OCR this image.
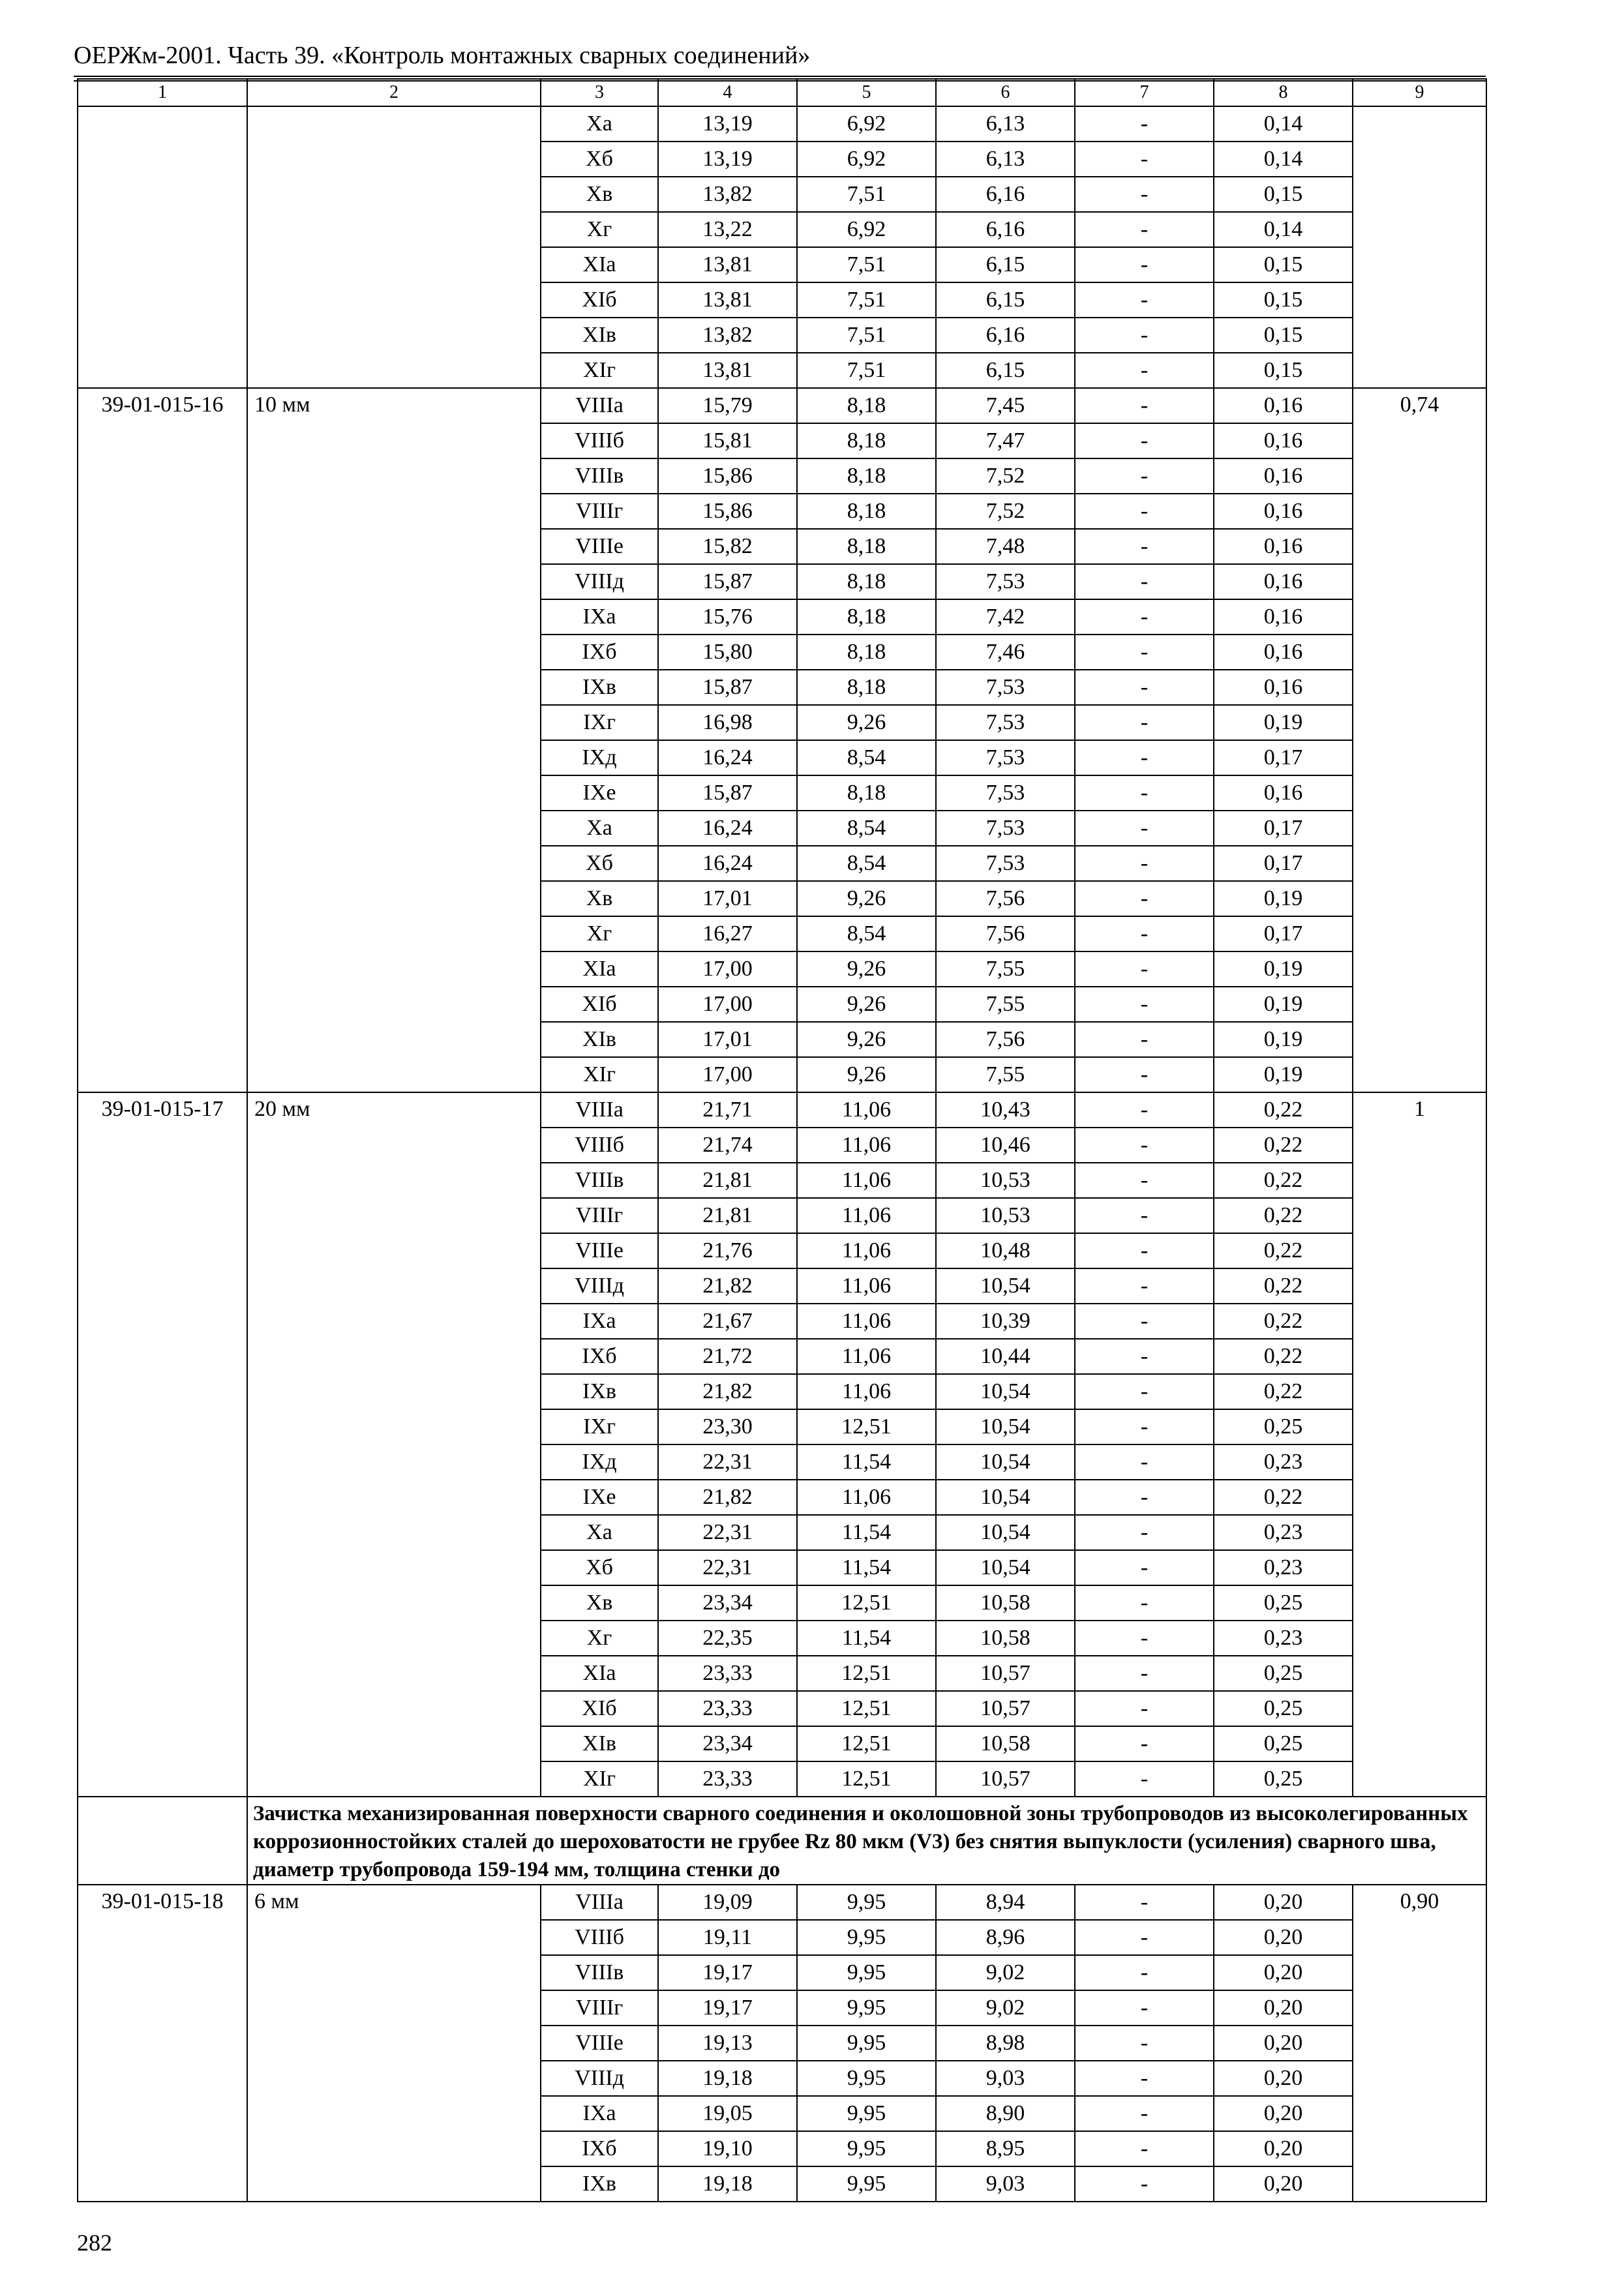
ОЕРЖм-2001. Часть 39. «Контроль монтажных сварных соединений»
1	2	3	4	5	6	7	8	9
		Xa	13,19	6,92	6,13	-	0,14	
		Xб	13,19	6,92	6,13	-	0,14	
		Xв	13,82	7,51	6,16	-	0,15	
		Xг	13,22	6,92	6,16	-	0,14	
		XIa	13,81	7,51	6,15	-	0,15	
		XIб	13,81	7,51	6,15	-	0,15	
		XIв	13,82	7,51	6,16	-	0,15	
		XIг	13,81	7,51	6,15	-	0,15	
39-01-015-16	10 мм	VIIIa	15,79	8,18	7,45	-	0,16	0,74
		VIIIб	15,81	8,18	7,47	-	0,16	
		VIIIв	15,86	8,18	7,52	-	0,16	
		VIIIг	15,86	8,18	7,52	-	0,16	
		VIIIe	15,82	8,18	7,48	-	0,16	
		VIIIд	15,87	8,18	7,53	-	0,16	
		IXa	15,76	8,18	7,42	-	0,16	
		IXб	15,80	8,18	7,46	-	0,16	
		IXв	15,87	8,18	7,53	-	0,16	
		IXг	16,98	9,26	7,53	-	0,19	
		IXд	16,24	8,54	7,53	-	0,17	
		IXe	15,87	8,18	7,53	-	0,16	
		Xa	16,24	8,54	7,53	-	0,17	
		Xб	16,24	8,54	7,53	-	0,17	
		Xв	17,01	9,26	7,56	-	0,19	
		Xг	16,27	8,54	7,56	-	0,17	
		XIa	17,00	9,26	7,55	-	0,19	
		XIб	17,00	9,26	7,55	-	0,19	
		XIв	17,01	9,26	7,56	-	0,19	
		XIг	17,00	9,26	7,55	-	0,19	
39-01-015-17	20 мм	VIIIa	21,71	11,06	10,43	-	0,22	1
		VIIIб	21,74	11,06	10,46	-	0,22	
		VIIIв	21,81	11,06	10,53	-	0,22	
		VIIIг	21,81	11,06	10,53	-	0,22	
		VIIIe	21,76	11,06	10,48	-	0,22	
		VIIIд	21,82	11,06	10,54	-	0,22	
		IXa	21,67	11,06	10,39	-	0,22	
		IXб	21,72	11,06	10,44	-	0,22	
		IXв	21,82	11,06	10,54	-	0,22	
		IXг	23,30	12,51	10,54	-	0,25	
		IXд	22,31	11,54	10,54	-	0,23	
		IXe	21,82	11,06	10,54	-	0,22	
		Xa	22,31	11,54	10,54	-	0,23	
		Xб	22,31	11,54	10,54	-	0,23	
		Xв	23,34	12,51	10,58	-	0,25	
		Xг	22,35	11,54	10,58	-	0,23	
		XIa	23,33	12,51	10,57	-	0,25	
		XIб	23,33	12,51	10,57	-	0,25	
		XIв	23,34	12,51	10,58	-	0,25	
		XIг	23,33	12,51	10,57	-	0,25	
	Зачистка механизированная поверхности сварного соединения и околошовной зоны трубопроводов из высоколегированных коррозионностойких сталей до шероховатости не грубее Rz 80 мкм (V3) без снятия выпуклости (усиления) сварного шва, диаметр трубопровода 159-194 мм, толщина стенки до							
39-01-015-18	6 мм	VIIIa	19,09	9,95	8,94	-	0,20	0,90
		VIIIб	19,11	9,95	8,96	-	0,20	
		VIIIв	19,17	9,95	9,02	-	0,20	
		VIIIг	19,17	9,95	9,02	-	0,20	
		VIIIe	19,13	9,95	8,98	-	0,20	
		VIIIд	19,18	9,95	9,03	-	0,20	
		IXa	19,05	9,95	8,90	-	0,20	
		IXб	19,10	9,95	8,95	-	0,20	
		IXв	19,18	9,95	9,03	-	0,20	
282
